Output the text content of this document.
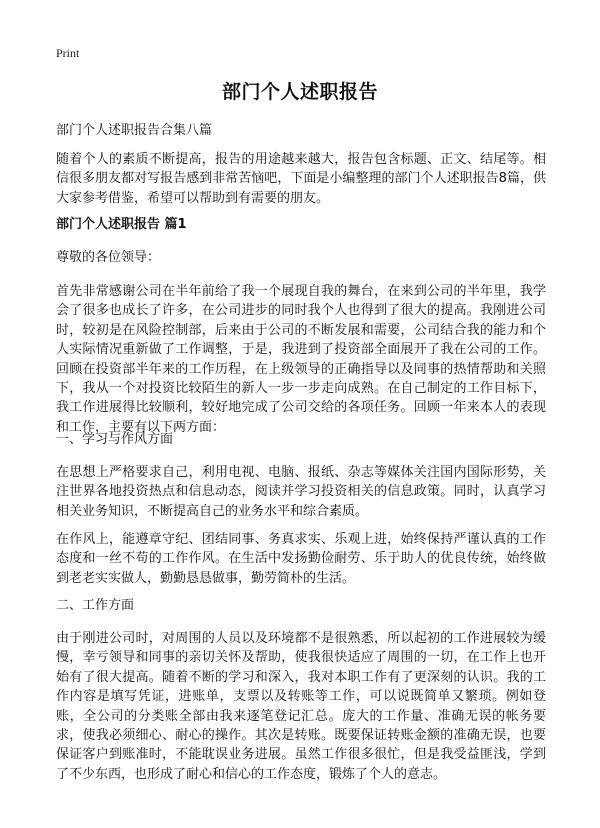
Print
部门个人述职报告
部门个人述职报告合集八篇

随着个人的素质不断提高，报告的用途越来越大，报告包含标题、正文、结尾等。相信很多朋友都对写报告感到非常苦恼吧，下面是小编整理的部门个人述职报告8篇，供大家参考借鉴，希望可以帮助到有需要的朋友。

部门个人述职报告 篇1

尊敬的各位领导：

首先非常感谢公司在半年前给了我一个展现自我的舞台，在来到公司的半年里，我学会了很多也成长了许多，在公司进步的同时我个人也得到了很大的提高。我刚进公司时，较初是在风险控制部，后来由于公司的不断发展和需要，公司结合我的能力和个人实际情况重新做了工作调整，于是，我进到了投资部全面展开了我在公司的工作。回顾在投资部半年来的工作历程，在上级领导的正确指导以及同事的热情帮助和关照下，我从一个对投资比较陌生的新人一步一步走向成熟。在自己制定的工作目标下，我工作进展得比较顺利，较好地完成了公司交给的各项任务。回顾一年来本人的表现和工作，主要有以下两方面：

一、学习与作风方面

在思想上严格要求自己，利用电视、电脑、报纸、杂志等媒体关注国内国际形势，关注世界各地投资热点和信息动态，阅读并学习投资相关的信息政策。同时，认真学习相关业务知识，不断提高自己的业务水平和综合素质。

在作风上，能遵章守纪、团结同事、务真求实、乐观上进，始终保持严谨认真的工作态度和一丝不苟的工作作风。在生活中发扬勤俭耐劳、乐于助人的优良传统，始终做到老老实实做人，勤勤恳恳做事，勤劳简朴的生活。

二、工作方面

由于刚进公司时，对周围的人员以及环境都不是很熟悉，所以起初的工作进展较为缓慢，幸亏领导和同事的亲切关怀及帮助，使我很快适应了周围的一切，在工作上也开始有了很大提高。随着不断的学习和深入，我对本职工作有了更深刻的认识。我的工作内容是填写凭证，进账单，支票以及转账等工作，可以说既简单又繁琐。例如登账，全公司的分类账全部由我来逐笔登记汇总。庞大的工作量、准确无误的帐务要求，使我必须细心、耐心的操作。其次是转账。既要保证转账金额的准确无误，也要保证客户到账准时，不能耽误业务进展。虽然工作很多很忙，但是我受益匪浅，学到了不少东西，也形成了耐心和信心的工作态度，锻炼了个人的意志。
